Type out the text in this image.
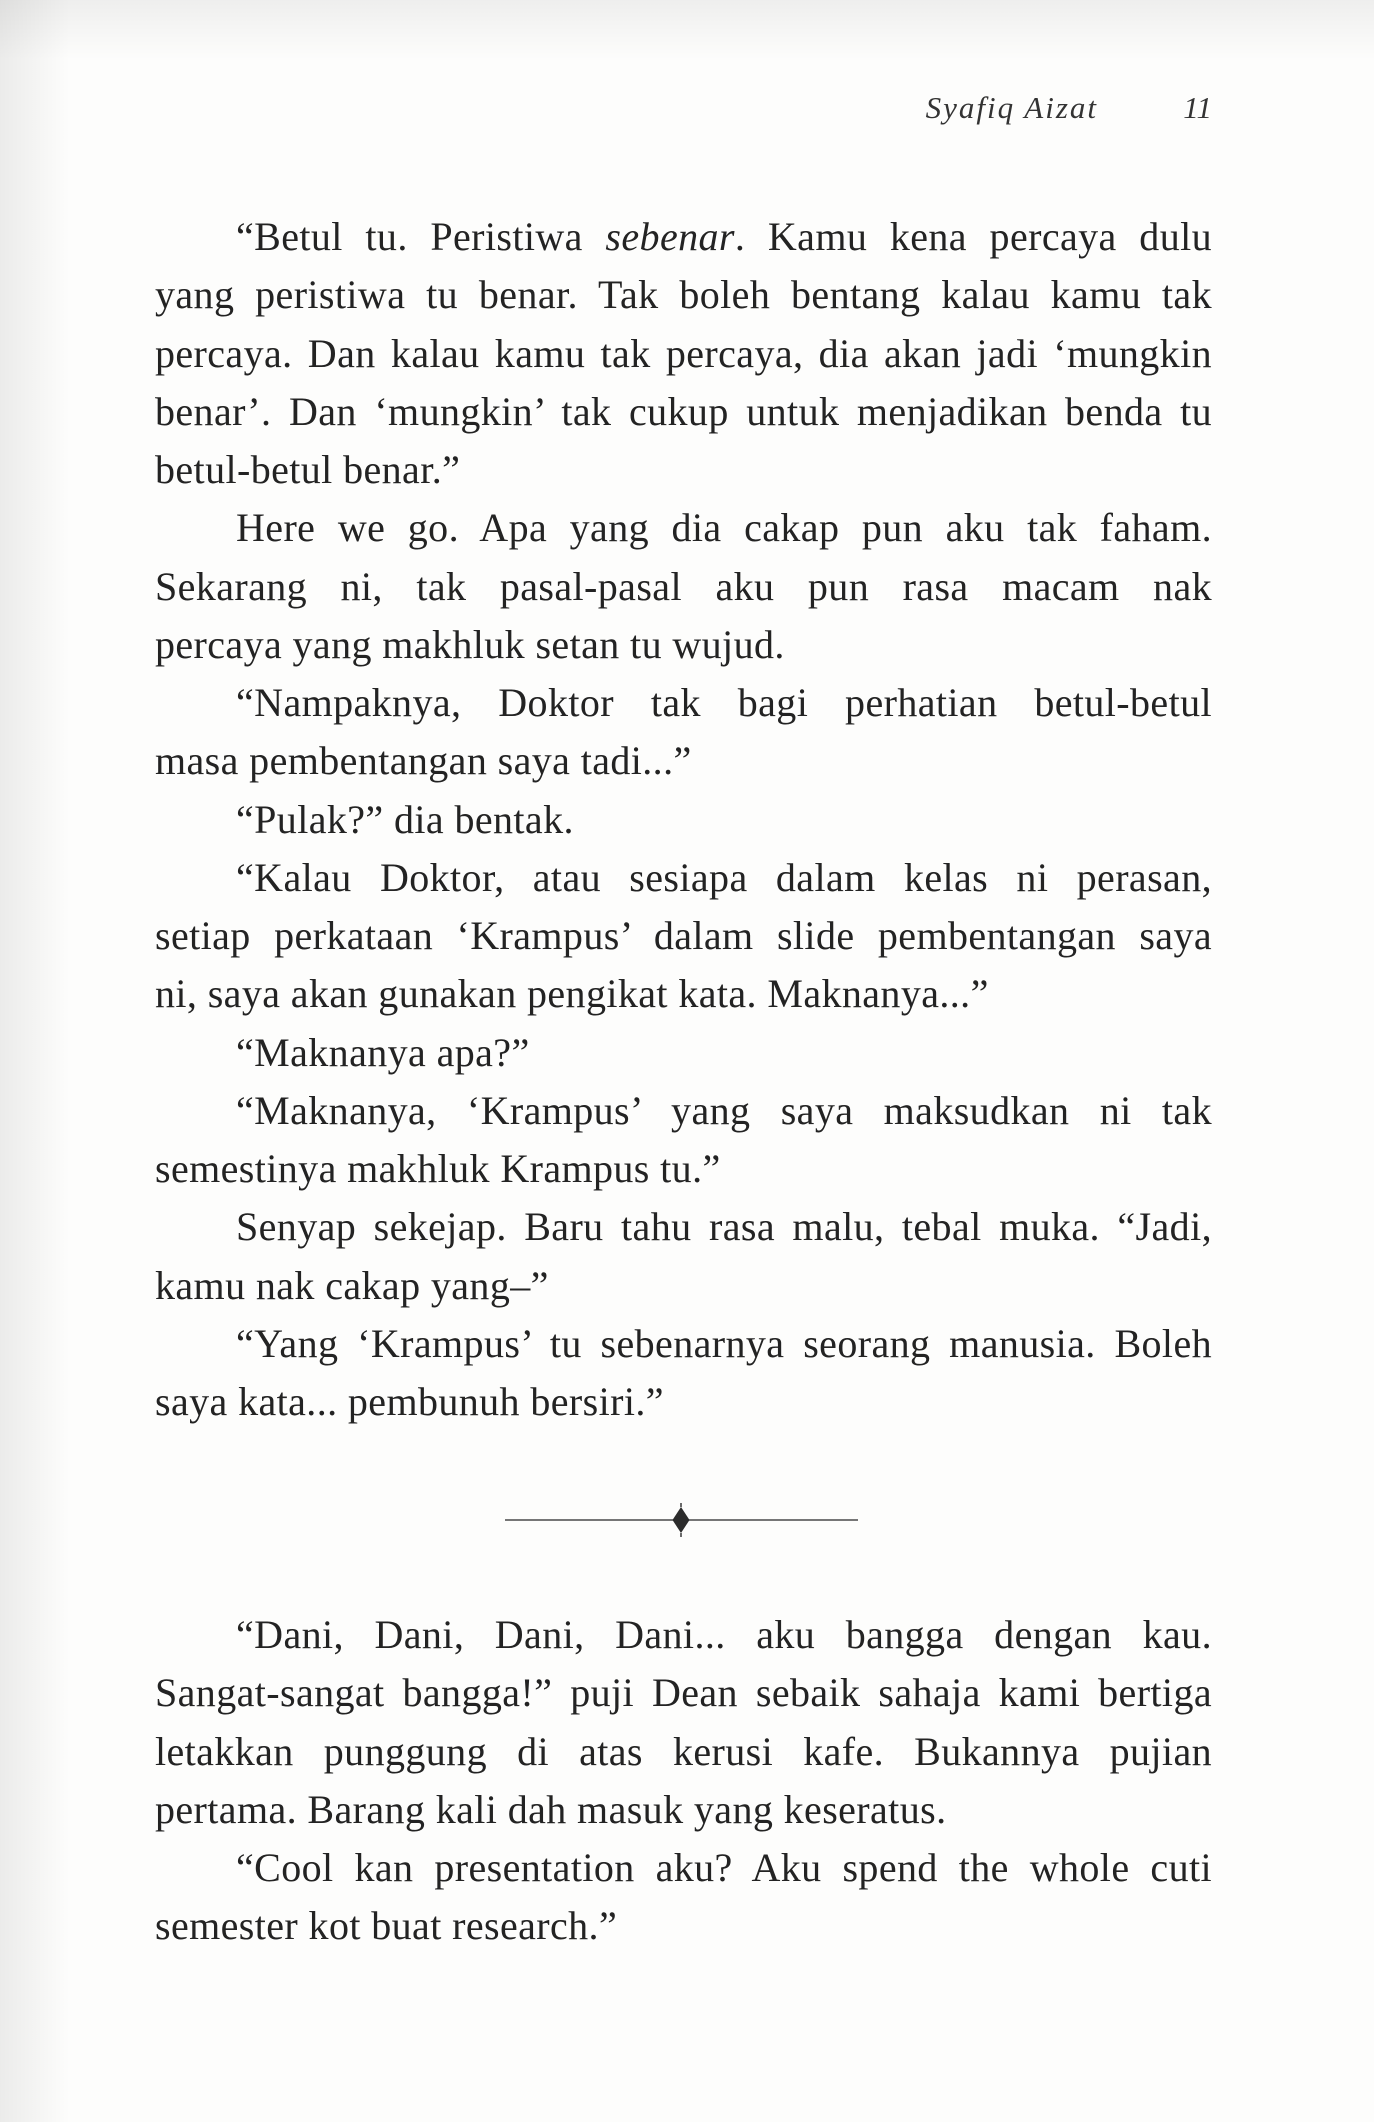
Syafiq Aizat	11
“Betul tu. Peristiwa sebenar. Kamu kena percaya dulu
yang peristiwa tu benar. Tak boleh bentang kalau kamu tak
percaya. Dan kalau kamu tak percaya, dia akan jadi ‘mungkin
benar’. Dan ‘mungkin’ tak cukup untuk menjadikan benda tu
betul-betul benar.”
Here we go. Apa yang dia cakap pun aku tak faham.
Sekarang ni, tak pasal-pasal aku pun rasa macam nak
percaya yang makhluk setan tu wujud.
“Nampaknya, Doktor tak bagi perhatian betul-betul
masa pembentangan saya tadi...”
“Pulak?” dia bentak.
“Kalau Doktor, atau sesiapa dalam kelas ni perasan,
setiap perkataan ‘Krampus’ dalam slide pembentangan saya
ni, saya akan gunakan pengikat kata. Maknanya...”
“Maknanya apa?”
“Maknanya, ‘Krampus’ yang saya maksudkan ni tak
semestinya makhluk Krampus tu.”
Senyap sekejap. Baru tahu rasa malu, tebal muka. “Jadi,
kamu nak cakap yang–”
“Yang ‘Krampus’ tu sebenarnya seorang manusia. Boleh
saya kata... pembunuh bersiri.”
“Dani, Dani, Dani, Dani... aku bangga dengan kau.
Sangat-sangat bangga!” puji Dean sebaik sahaja kami bertiga
letakkan punggung di atas kerusi kafe. Bukannya pujian
pertama. Barang kali dah masuk yang keseratus.
“Cool kan presentation aku? Aku spend the whole cuti
semester kot buat research.”
